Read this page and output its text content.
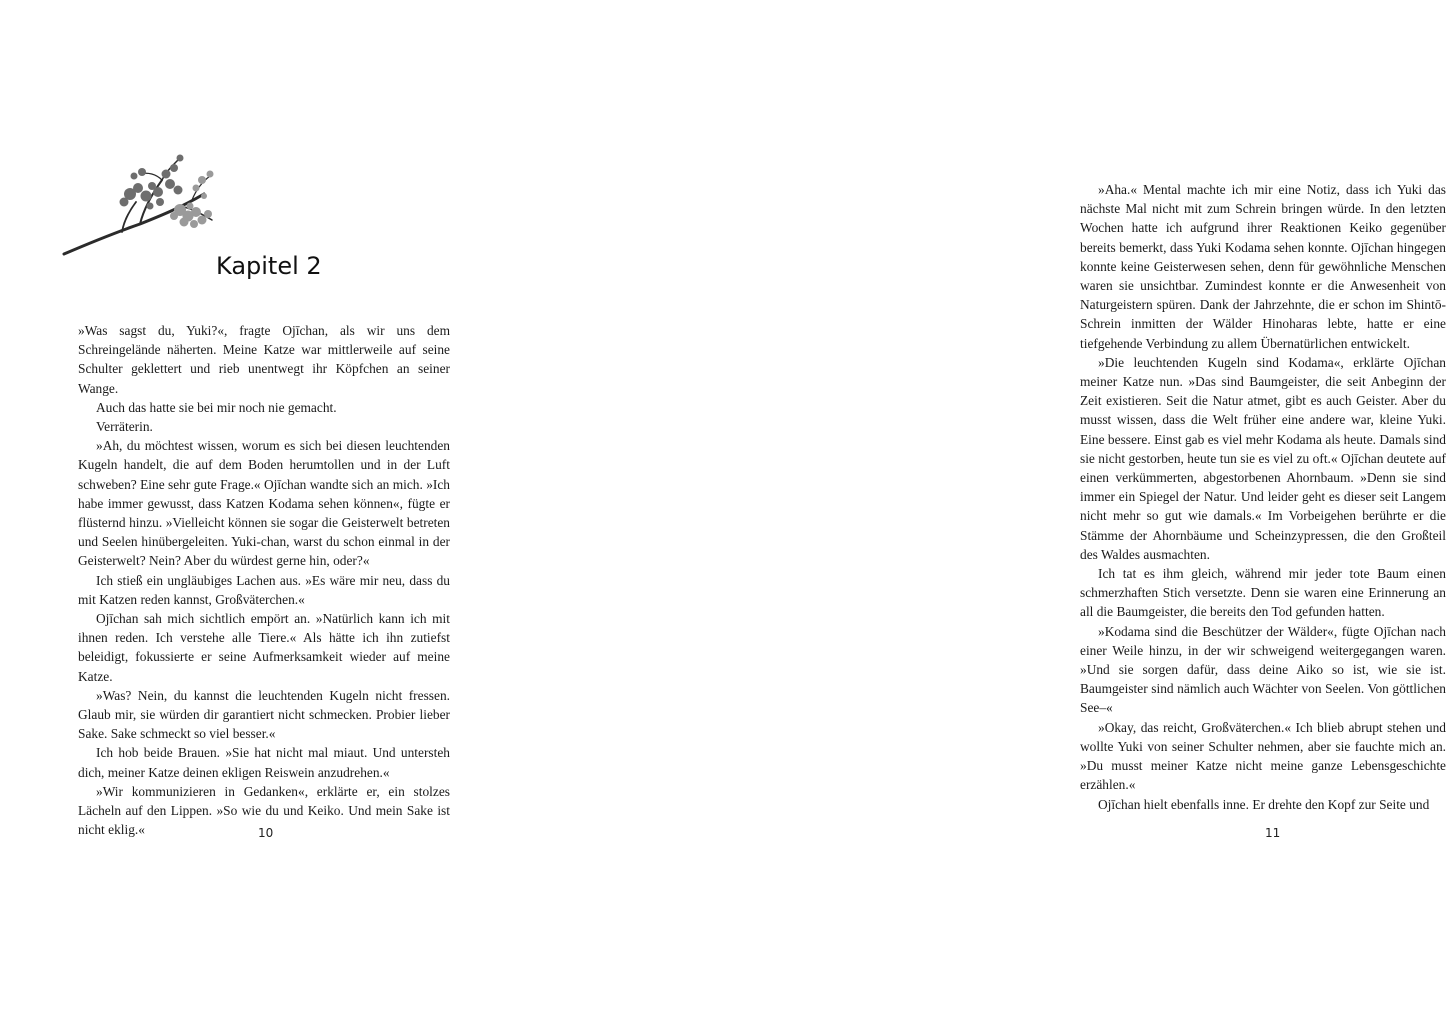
Kapitel 2

»Was sagst du, Yuki?«, fragte Ojīchan, als wir uns dem Schreingelände näherten. Meine Katze war mittlerweile auf seine Schulter geklettert und rieb unentwegt ihr Köpfchen an seiner Wange.

Auch das hatte sie bei mir noch nie gemacht.

Verräterin.

»Ah, du möchtest wissen, worum es sich bei diesen leuchtenden Kugeln handelt, die auf dem Boden herumtollen und in der Luft schweben? Eine sehr gute Frage.« Ojīchan wandte sich an mich. »Ich habe immer gewusst, dass Katzen Kodama sehen können«, fügte er flüsternd hinzu. »Vielleicht können sie sogar die Geisterwelt betreten und Seelen hinübergeleiten. Yuki-chan, warst du schon einmal in der Geisterwelt? Nein? Aber du würdest gerne hin, oder?«

Ich stieß ein ungläubiges Lachen aus. »Es wäre mir neu, dass du mit Katzen reden kannst, Großväterchen.«

Ojīchan sah mich sichtlich empört an. »Natürlich kann ich mit ihnen reden. Ich verstehe alle Tiere.« Als hätte ich ihn zutiefst beleidigt, fokussierte er seine Aufmerksamkeit wieder auf meine Katze.

»Was? Nein, du kannst die leuchtenden Kugeln nicht fressen. Glaub mir, sie würden dir garantiert nicht schmecken. Probier lieber Sake. Sake schmeckt so viel besser.«

Ich hob beide Brauen. »Sie hat nicht mal miaut. Und untersteh dich, meiner Katze deinen ekligen Reiswein anzudrehen.«

»Wir kommunizieren in Gedanken«, erklärte er, ein stolzes Lächeln auf den Lippen. »So wie du und Keiko. Und mein Sake ist nicht eklig.«	10

»Aha.« Mental machte ich mir eine Notiz, dass ich Yuki das nächste Mal nicht mit zum Schrein bringen würde. In den letzten Wochen hatte ich aufgrund ihrer Reaktionen Keiko gegenüber bereits bemerkt, dass Yuki Kodama sehen konnte. Ojīchan hingegen konnte keine Geisterwesen sehen, denn für gewöhnliche Menschen waren sie unsichtbar. Zumindest konnte er die Anwesenheit von Naturgeistern spüren. Dank der Jahrzehnte, die er schon im Shintō-Schrein inmitten der Wälder Hinoharas lebte, hatte er eine tiefgehende Verbindung zu allem Übernatürlichen entwickelt.

»Die leuchtenden Kugeln sind Kodama«, erklärte Ojīchan meiner Katze nun. »Das sind Baumgeister, die seit Anbeginn der Zeit existieren. Seit die Natur atmet, gibt es auch Geister. Aber du musst wissen, dass die Welt früher eine andere war, kleine Yuki. Eine bessere. Einst gab es viel mehr Kodama als heute. Damals sind sie nicht gestorben, heute tun sie es viel zu oft.« Ojīchan deutete auf einen verkümmerten, abgestorbenen Ahornbaum. »Denn sie sind immer ein Spiegel der Natur. Und leider geht es dieser seit Langem nicht mehr so gut wie damals.« Im Vorbeigehen berührte er die Stämme der Ahornbäume und Scheinzypressen, die den Großteil des Waldes ausmachten.

Ich tat es ihm gleich, während mir jeder tote Baum einen schmerzhaften Stich versetzte. Denn sie waren eine Erinnerung an all die Baumgeister, die bereits den Tod gefunden hatten.

»Kodama sind die Beschützer der Wälder«, fügte Ojīchan nach einer Weile hinzu, in der wir schweigend weitergegangen waren. »Und sie sorgen dafür, dass deine Aiko so ist, wie sie ist. Baumgeister sind nämlich auch Wächter von Seelen. Von göttlichen See–«

»Okay, das reicht, Großväterchen.« Ich blieb abrupt stehen und wollte Yuki von seiner Schulter nehmen, aber sie fauchte mich an. »Du musst meiner Katze nicht meine ganze Lebensgeschichte erzählen.«

Ojīchan hielt ebenfalls inne. Er drehte den Kopf zur Seite und

11
